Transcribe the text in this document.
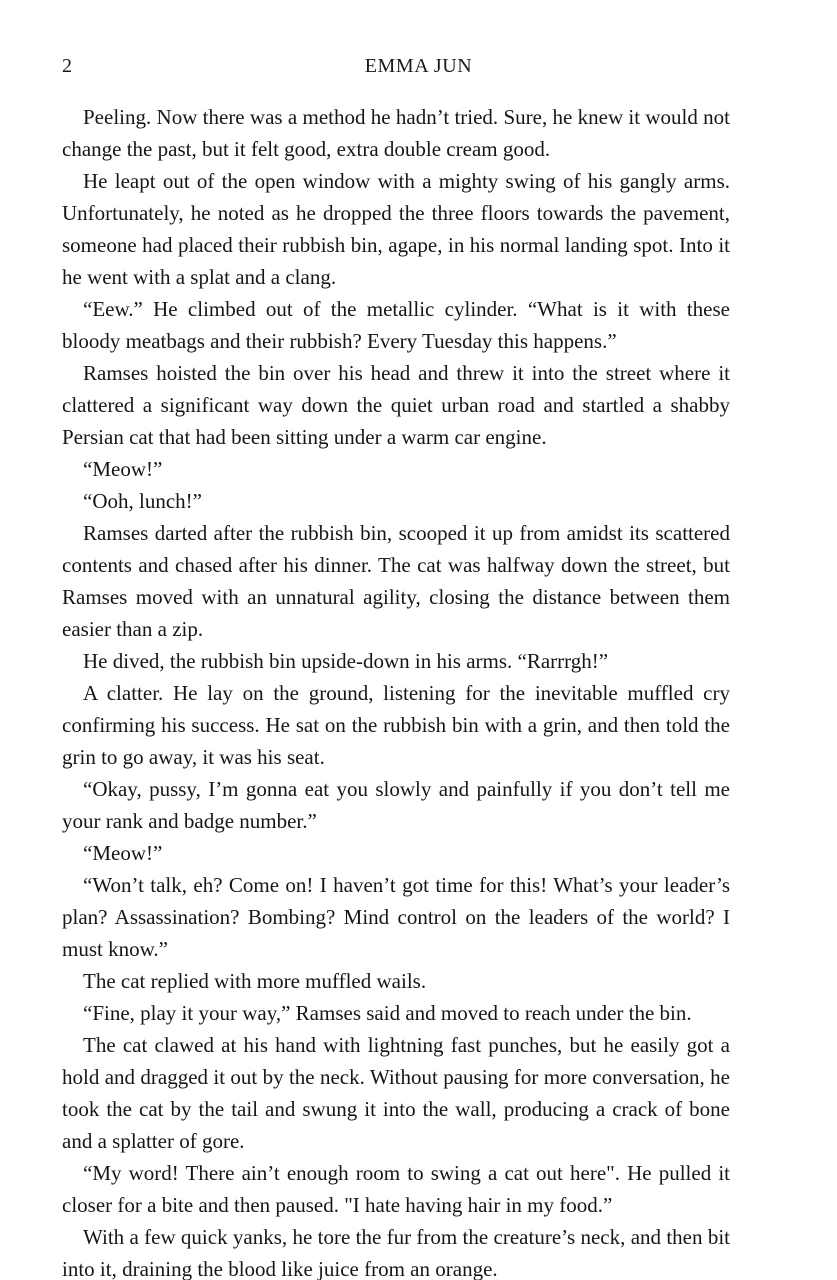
2	EMMA JUN

Peeling. Now there was a method he hadn’t tried. Sure, he knew it would not change the past, but it felt good, extra double cream good.

He leapt out of the open window with a mighty swing of his gangly arms. Unfortunately, he noted as he dropped the three floors towards the pavement, someone had placed their rubbish bin, agape, in his normal landing spot. Into it he went with a splat and a clang.

“Eew.” He climbed out of the metallic cylinder. “What is it with these bloody meatbags and their rubbish? Every Tuesday this happens.”

Ramses hoisted the bin over his head and threw it into the street where it clattered a significant way down the quiet urban road and startled a shabby Persian cat that had been sitting under a warm car engine.

“Meow!”

“Ooh, lunch!”

Ramses darted after the rubbish bin, scooped it up from amidst its scattered contents and chased after his dinner. The cat was halfway down the street, but Ramses moved with an unnatural agility, closing the distance between them easier than a zip.

He dived, the rubbish bin upside-down in his arms. “Rarrrgh!”

A clatter. He lay on the ground, listening for the inevitable muffled cry confirming his success. He sat on the rubbish bin with a grin, and then told the grin to go away, it was his seat.

“Okay, pussy, I’m gonna eat you slowly and painfully if you don’t tell me your rank and badge number.”

“Meow!”

“Won’t talk, eh? Come on! I haven’t got time for this! What’s your leader’s plan? Assassination? Bombing? Mind control on the leaders of the world? I must know.”

The cat replied with more muffled wails.

“Fine, play it your way,” Ramses said and moved to reach under the bin.

The cat clawed at his hand with lightning fast punches, but he easily got a hold and dragged it out by the neck. Without pausing for more conversation, he took the cat by the tail and swung it into the wall, producing a crack of bone and a splatter of gore.

“My word! There ain’t enough room to swing a cat out here". He pulled it closer for a bite and then paused. "I hate having hair in my food.”

With a few quick yanks, he tore the fur from the creature’s neck, and then bit into it, draining the blood like juice from an orange.
